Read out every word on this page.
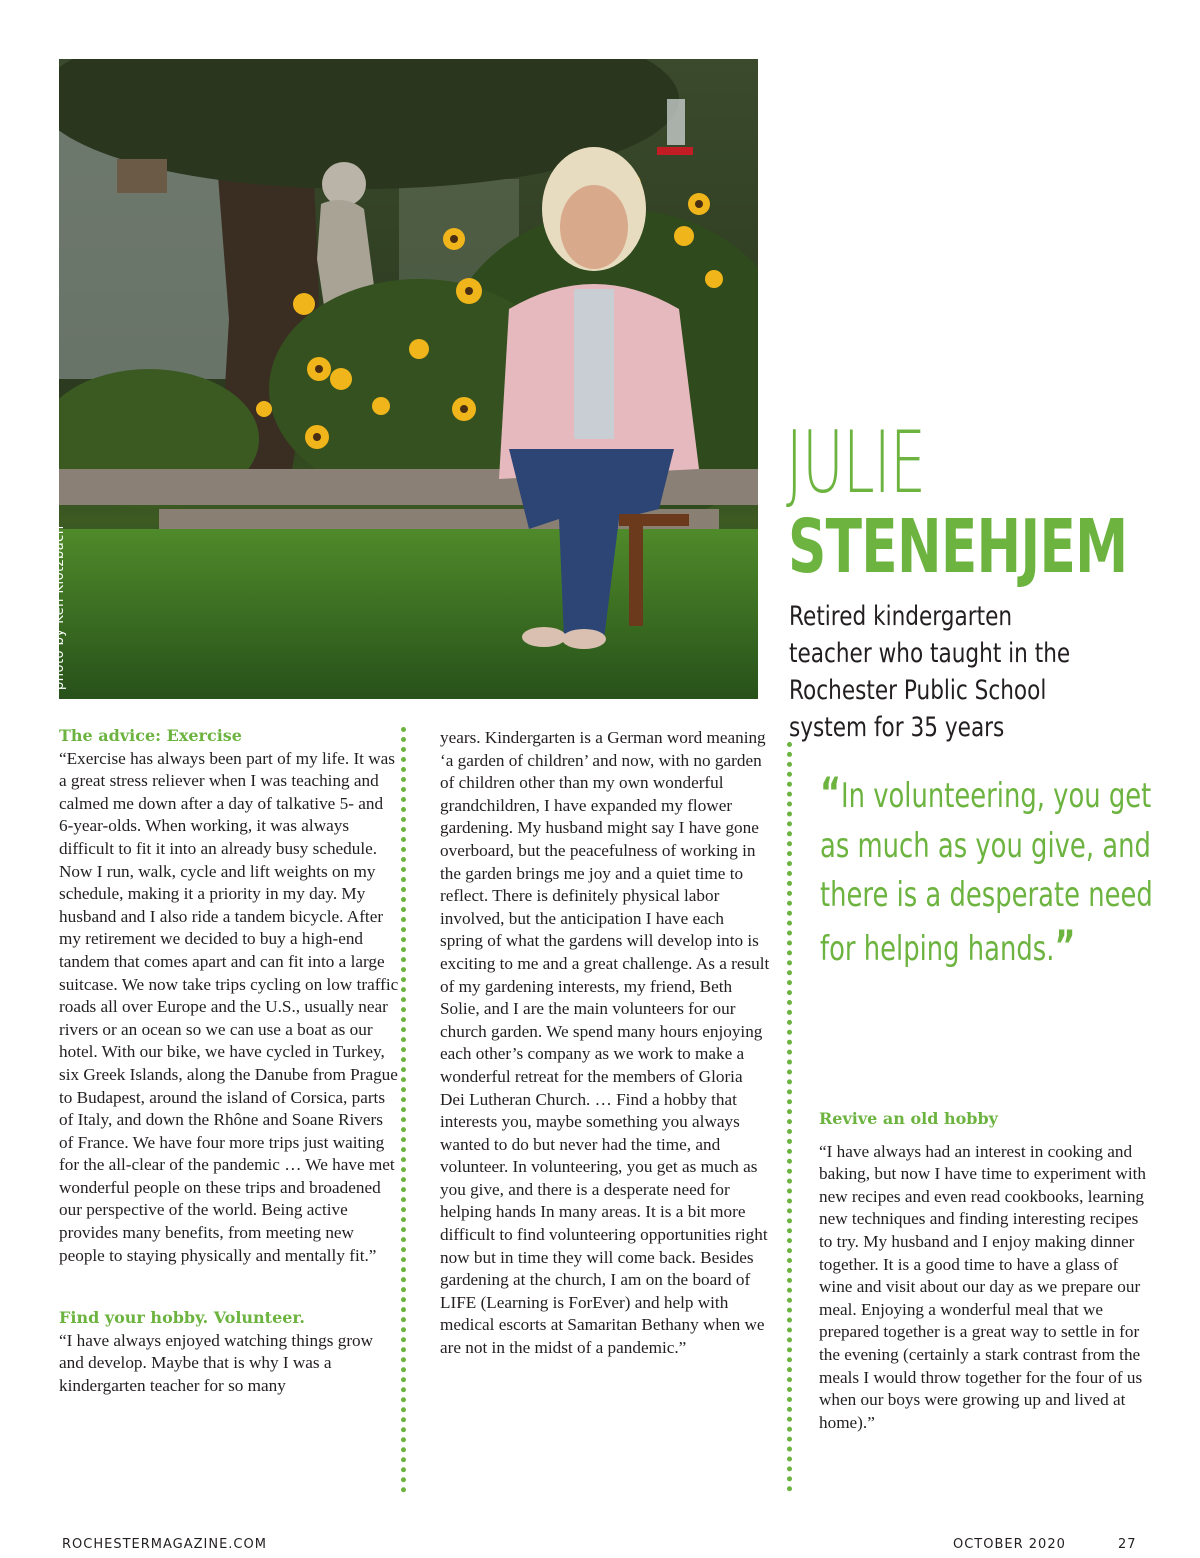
photo by Ken Klotzbach
JULIE
STENEHJEM
Retired kindergarten teacher who taught in the Rochester Public School system for 35 years
“In volunteering, you get as much as you give, and there is a desperate need for helping hands.”

The advice: Exercise

“Exercise has always been part of my life. It was a great stress reliever when I was teaching and calmed me down after a day of talkative 5- and 6-year-olds. When working, it was always difficult to fit it into an already busy schedule. Now I run, walk, cycle and lift weights on my schedule, making it a priority in my day. My husband and I also ride a tandem bicycle. After my retirement we decided to buy a high-end tandem that comes apart and can fit into a large suitcase. We now take trips cycling on low traffic roads all over Europe and the U.S., usually near rivers or an ocean so we can use a boat as our hotel. With our bike, we have cycled in Turkey, six Greek Islands, along the Danube from Prague to Budapest, around the island of Corsica, parts of Italy, and down the Rhône and Soane Rivers of France. We have four more trips just waiting for the all-clear of the pandemic … We have met wonderful people on these trips and broadened our perspective of the world. Being active provides many benefits, from meeting new people to staying physically and mentally fit.”

Find your hobby. Volunteer.

“I have always enjoyed watching things grow and develop. Maybe that is why I was a kindergarten teacher for so many

years. Kindergarten is a German word meaning ‘a garden of children’ and now, with no garden of children other than my own wonderful grandchildren, I have expanded my flower gardening. My husband might say I have gone overboard, but the peacefulness of working in the garden brings me joy and a quiet time to reflect. There is definitely physical labor involved, but the anticipation I have each spring of what the gardens will develop into is exciting to me and a great challenge. As a result of my gardening interests, my friend, Beth Solie, and I are the main volunteers for our church garden. We spend many hours enjoying each other’s company as we work to make a wonderful retreat for the members of Gloria Dei Lutheran Church. … Find a hobby that interests you, maybe something you always wanted to do but never had the time, and volunteer. In volunteering, you get as much as you give, and there is a desperate need for helping hands In many areas. It is a bit more difficult to find volunteering opportunities right now but in time they will come back. Besides gardening at the church, I am on the board of LIFE (Learning is ForEver) and help with medical escorts at Samaritan Bethany when we are not in the midst of a pandemic.”

Revive an old hobby

“I have always had an interest in cooking and baking, but now I have time to experiment with new recipes and even read cookbooks, learning new techniques and finding interesting recipes to try. My husband and I enjoy making dinner together. It is a good time to have a glass of wine and visit about our day as we prepare our meal. Enjoying a wonderful meal that we prepared together is a great way to settle in for the evening (certainly a stark contrast from the meals I would throw together for the four of us when our boys were growing up and lived at home).”

ROCHESTERMAGAZINE.COM	OCTOBER 2020	27
